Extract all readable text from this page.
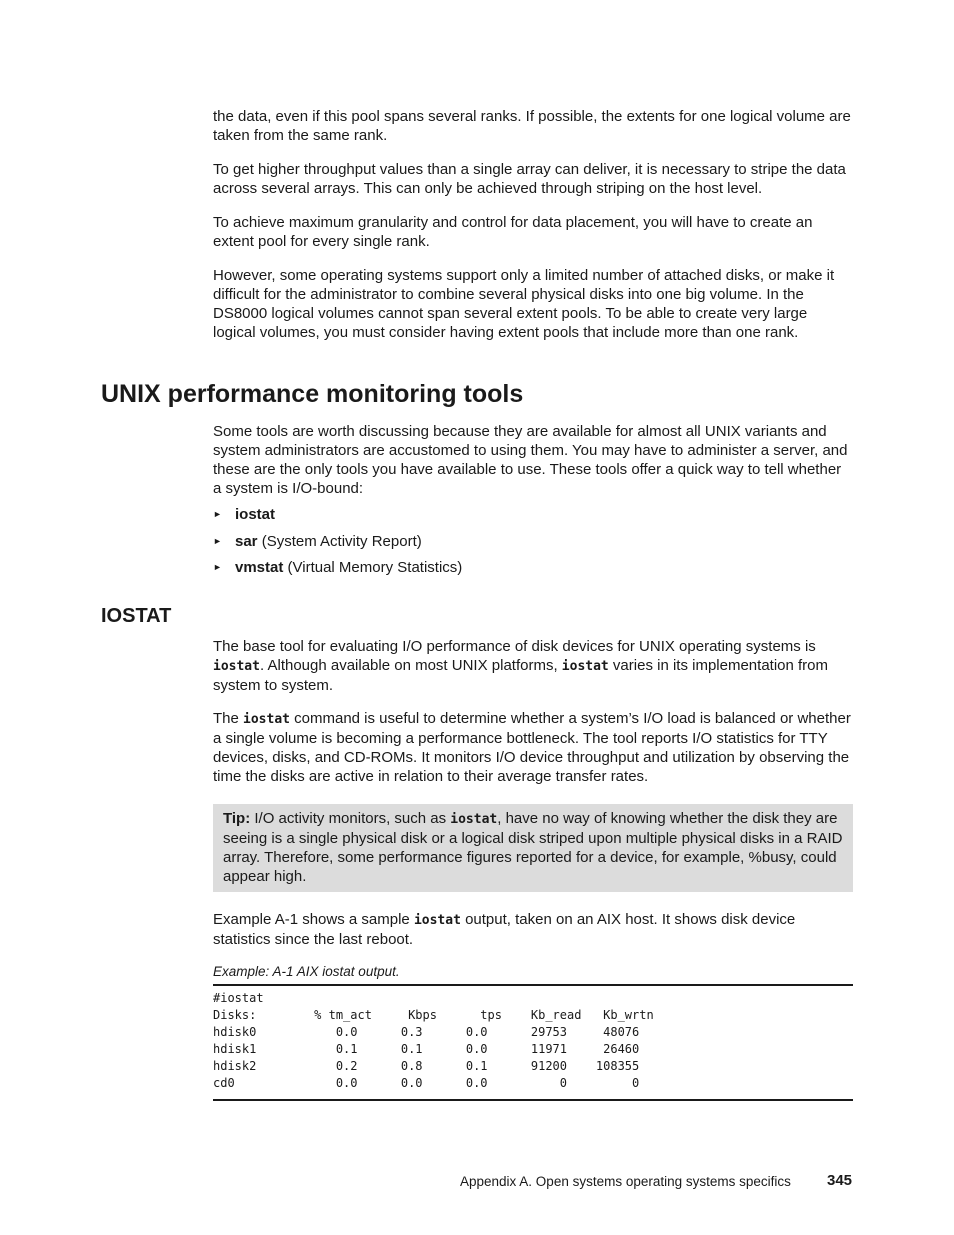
the data, even if this pool spans several ranks. If possible, the extents for one logical volume are taken from the same rank.

To get higher throughput values than a single array can deliver, it is necessary to stripe the data across several arrays. This can only be achieved through striping on the host level.

To achieve maximum granularity and control for data placement, you will have to create an extent pool for every single rank.

However, some operating systems support only a limited number of attached disks, or make it difficult for the administrator to combine several physical disks into one big volume. In the DS8000 logical volumes cannot span several extent pools. To be able to create very large logical volumes, you must consider having extent pools that include more than one rank.

UNIX performance monitoring tools

Some tools are worth discussing because they are available for almost all UNIX variants and system administrators are accustomed to using them. You may have to administer a server, and these are the only tools you have available to use. These tools offer a quick way to tell whether a system is I/O-bound:

► iostat
► sar (System Activity Report)
► vmstat (Virtual Memory Statistics)
IOSTAT

The base tool for evaluating I/O performance of disk devices for UNIX operating systems is iostat. Although available on most UNIX platforms, iostat varies in its implementation from system to system.

The iostat command is useful to determine whether a system’s I/O load is balanced or whether a single volume is becoming a performance bottleneck. The tool reports I/O statistics for TTY devices, disks, and CD-ROMs. It monitors I/O device throughput and utilization by observing the time the disks are active in relation to their average transfer rates.

Tip: I/O activity monitors, such as iostat, have no way of knowing whether the disk they are seeing is a single physical disk or a logical disk striped upon multiple physical disks in a RAID array. Therefore, some performance figures reported for a device, for example, %busy, could appear high.

Example A-1 shows a sample iostat output, taken on an AIX host. It shows disk device statistics since the last reboot.

Example: A-1 AIX iostat output.
#iostat
Disks:        % tm_act     Kbps      tps    Kb_read   Kb_wrtn
hdisk0           0.0      0.3      0.0      29753     48076
hdisk1           0.1      0.1      0.0      11971     26460
hdisk2           0.2      0.8      0.1      91200    108355
cd0              0.0      0.0      0.0          0         0
Appendix A. Open systems operating systems specifics 345
